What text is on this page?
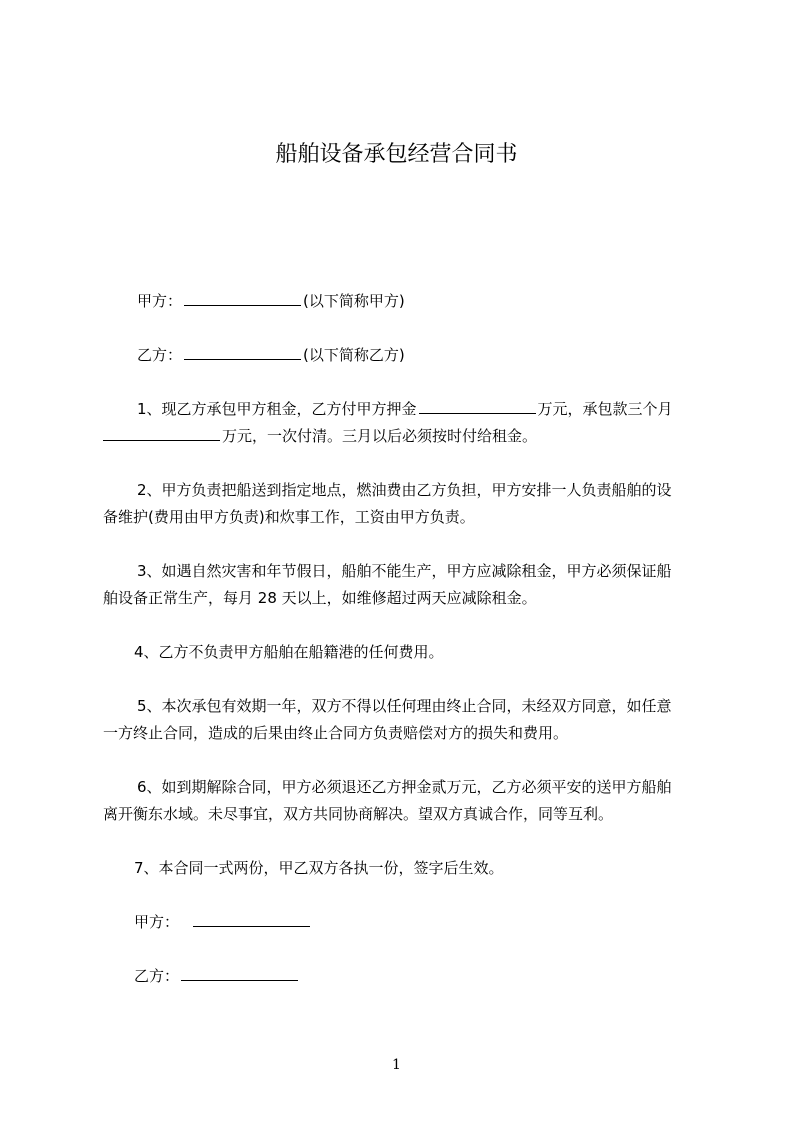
船舶设备承包经营合同书
甲方：	(以下简称甲方)
乙方：	(以下简称乙方)
1、现乙方承包甲方租金，乙方付甲方押金	万元，承包款三个月
万元，一次付清。三月以后必须按时付给租金。
2、甲方负责把船送到指定地点，燃油费由乙方负担，甲方安排一人负责船舶的设
备维护(费用由甲方负责)和炊事工作，工资由甲方负责。
3、如遇自然灾害和年节假日，船舶不能生产，甲方应减除租金，甲方必须保证船
舶设备正常生产，每月 28 天以上，如维修超过两天应减除租金。
4、乙方不负责甲方船舶在船籍港的任何费用。
5、本次承包有效期一年，双方不得以任何理由终止合同，未经双方同意，如任意
一方终止合同，造成的后果由终止合同方负责赔偿对方的损失和费用。
6、如到期解除合同，甲方必须退还乙方押金贰万元，乙方必须平安的送甲方船舶
离开衡东水域。未尽事宜，双方共同协商解决。望双方真诚合作，同等互利。
7、本合同一式两份，甲乙双方各执一份，签字后生效。
甲方：
乙方：
1
